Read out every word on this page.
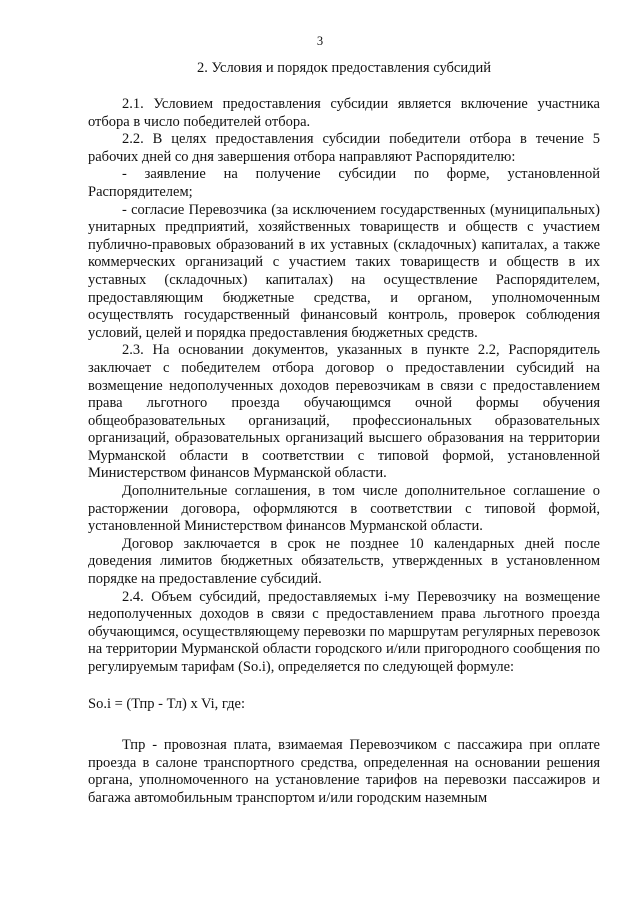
3
2. Условия и порядок предоставления субсидий

2.1. Условием предоставления субсидии является включение участника отбора в число победителей отбора.

2.2. В целях предоставления субсидии победители отбора в течение 5 рабочих дней со дня завершения отбора направляют Распорядителю:

- заявление на получение субсидии по форме, установленной Распорядителем;

- согласие Перевозчика (за исключением государственных (муниципальных) унитарных предприятий, хозяйственных товариществ и обществ с участием публично-правовых образований в их уставных (складочных) капиталах, а также коммерческих организаций с участием таких товариществ и обществ в их уставных (складочных) капиталах) на осуществление Распорядителем, предоставляющим бюджетные средства, и органом, уполномоченным осуществлять государственный финансовый контроль, проверок соблюдения условий, целей и порядка предоставления бюджетных средств.

2.3. На основании документов, указанных в пункте 2.2, Распорядитель заключает с победителем отбора договор о предоставлении субсидий на возмещение недополученных доходов перевозчикам в связи с предоставлением права льготного проезда обучающимся очной формы обучения общеобразовательных организаций, профессиональных образовательных организаций, образовательных организаций высшего образования на территории Мурманской области в соответствии с типовой формой, установленной Министерством финансов Мурманской области.

Дополнительные соглашения, в том числе дополнительное соглашение о расторжении договора, оформляются в соответствии с типовой формой, установленной Министерством финансов Мурманской области.

Договор заключается в срок не позднее 10 календарных дней после доведения лимитов бюджетных обязательств, утвержденных в установленном порядке на предоставление субсидий.

2.4. Объем субсидий, предоставляемых i-му Перевозчику на возмещение недополученных доходов в связи с предоставлением права льготного проезда обучающимся, осуществляющему перевозки по маршрутам регулярных перевозок на территории Мурманской области городского и/или пригородного сообщения по регулируемым тарифам (So.i), определяется по следующей формуле:

So.i = (Тпр - Тл) x Vi, где:

Тпр - провозная плата, взимаемая Перевозчиком с пассажира при оплате проезда в салоне транспортного средства, определенная на основании решения органа, уполномоченного на установление тарифов на перевозки пассажиров и багажа автомобильным транспортом и/или городским наземным
